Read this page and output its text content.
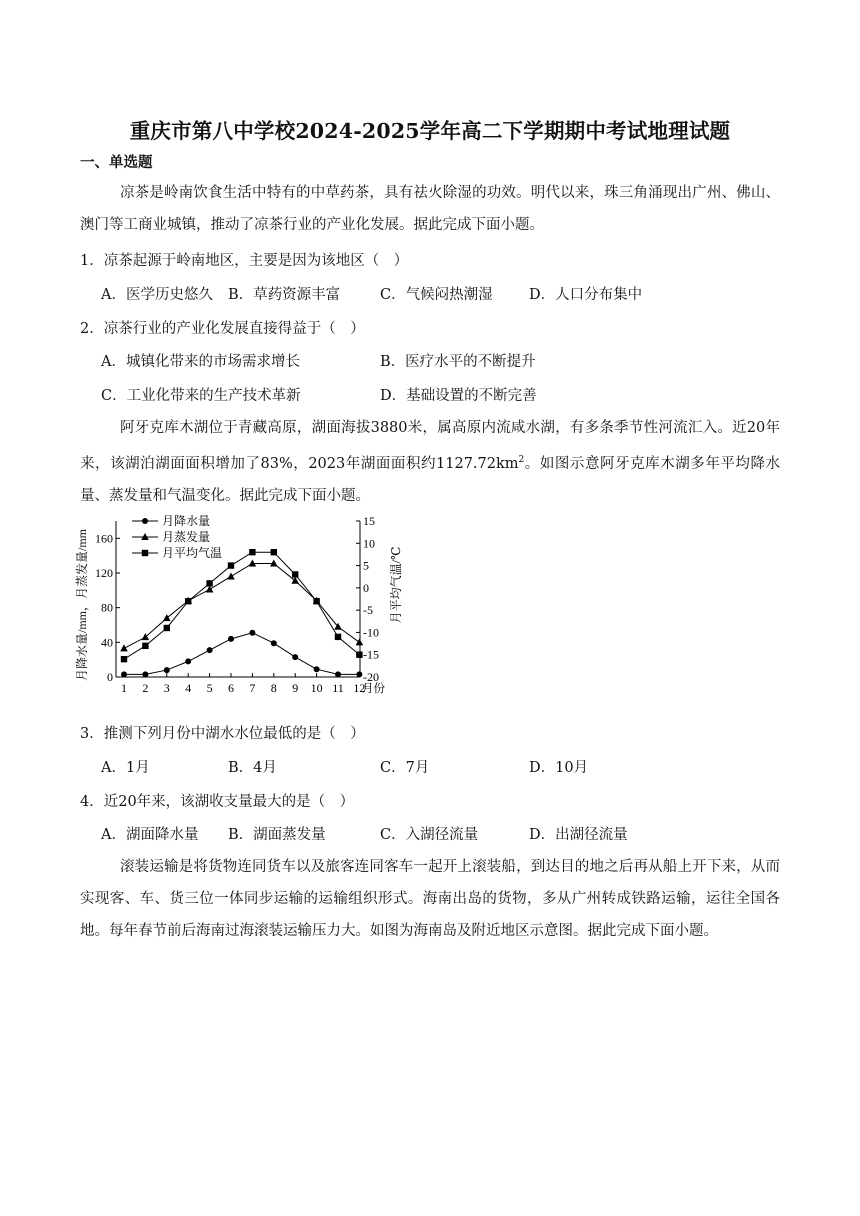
重庆市第八中学校2024-2025学年高二下学期期中考试地理试题
一、单选题
凉茶是岭南饮食生活中特有的中草药茶，具有祛火除湿的功效。明代以来，珠三角涌现出广州、佛山、澳门等工商业城镇，推动了凉茶行业的产业化发展。据此完成下面小题。
1．凉茶起源于岭南地区，主要是因为该地区（　）
A．医学历史悠久 B．草药资源丰富	C．气候闷热潮湿	D．人口分布集中
2．凉茶行业的产业化发展直接得益于（　）
A．城镇化带来的市场需求增长	B．医疗水平的不断提升
C．工业化带来的生产技术革新	D．基础设置的不断完善
阿牙克库木湖位于青藏高原，湖面海拔3880米，属高原内流咸水湖，有多条季节性河流汇入。近20年来，该湖泊湖面面积增加了83%，2023年湖面面积约$1127.72km^2$。如图示意阿牙克库木湖多年平均降水量、蒸发量和气温变化。据此完成下面小题。
0
40
80
120
160
-20
-15
-10
-5
0
5
10
15
1 2 3 4 5 6 7 8 9 10 11 12
月份
月降水量/mm，月蒸发量/mm	月平均气温/℃
月降水量
月蒸发量
月平均气温
3．推测下列月份中湖水水位最低的是（　）
A．1月	B．4月	C．7月	D．10月
4．近20年来，该湖收支量最大的是（　）
A．湖面降水量 B．湖面蒸发量	C．入湖径流量	D．出湖径流量
滚装运输是将货物连同货车以及旅客连同客车一起开上滚装船，到达目的地之后再从船上开下来，从而实现客、车、货三位一体同步运输的运输组织形式。海南出岛的货物，多从广州转成铁路运输，运往全国各地。每年春节前后海南过海滚装运输压力大。如图为海南岛及附近地区示意图。据此完成下面小题。
